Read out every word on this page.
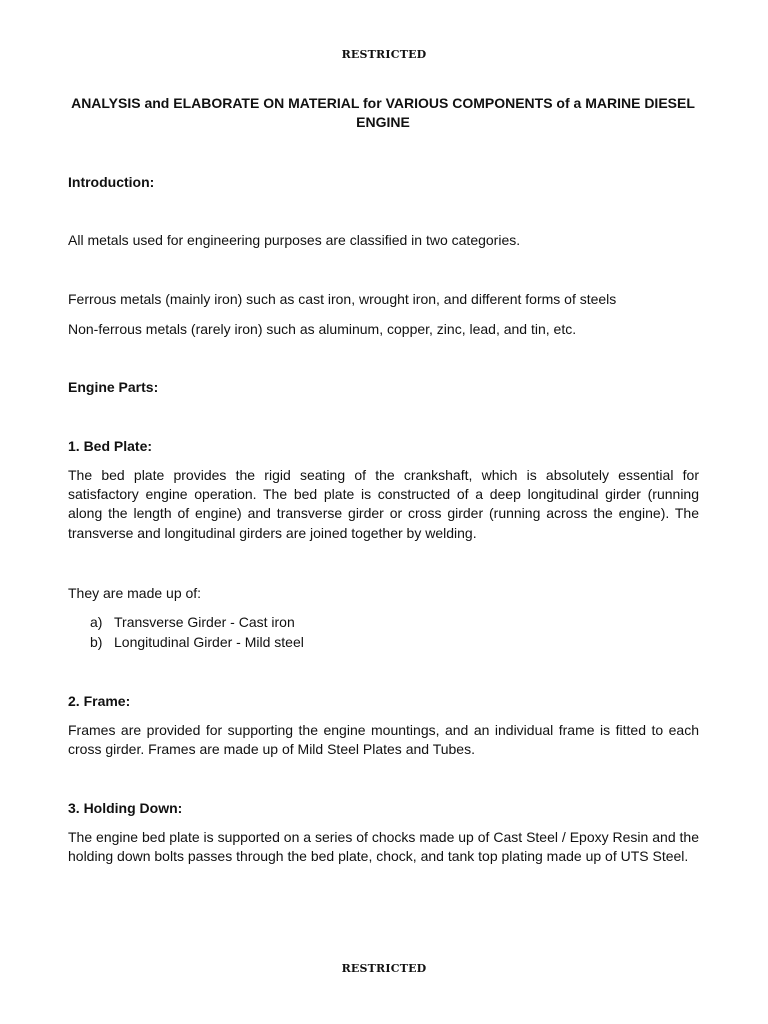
RESTRICTED
ANALYSIS and ELABORATE ON MATERIAL for VARIOUS COMPONENTS of a MARINE DIESEL ENGINE
Introduction:
All metals used for engineering purposes are classified in two categories.
Ferrous metals (mainly iron) such as cast iron, wrought iron, and different forms of steels
Non-ferrous metals (rarely iron) such as aluminum, copper, zinc, lead, and tin, etc.
Engine Parts:
1. Bed Plate:
The bed plate provides the rigid seating of the crankshaft, which is absolutely essential for satisfactory engine operation. The bed plate is constructed of a deep longitudinal girder (running along the length of engine) and transverse girder or cross girder (running across the engine). The transverse and longitudinal girders are joined together by welding.
They are made up of:
a) Transverse Girder - Cast iron
b) Longitudinal Girder - Mild steel
2. Frame:
Frames are provided for supporting the engine mountings, and an individual frame is fitted to each cross girder. Frames are made up of Mild Steel Plates and Tubes.
3. Holding Down:
The engine bed plate is supported on a series of chocks made up of Cast Steel / Epoxy Resin and the holding down bolts passes through the bed plate, chock, and tank top plating made up of UTS Steel.
RESTRICTED
